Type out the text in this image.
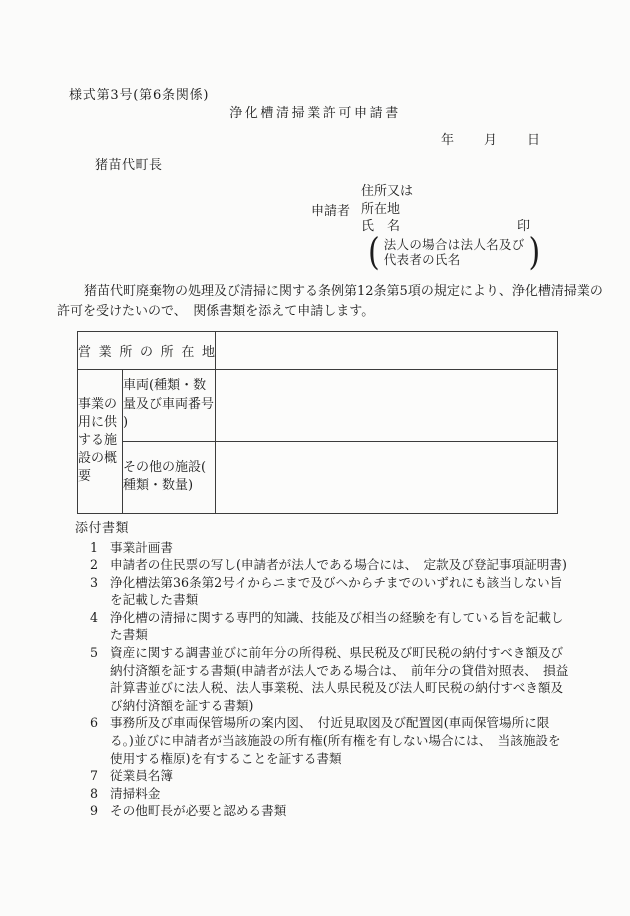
様式第3号(第6条関係)
浄化槽清掃業許可申請書
年 月 日
猪苗代町長
申請者
住所又は
所在地
氏　名	印
( 法人の場合は法人名及び
代表者の氏名	)
猪苗代町廃棄物の処理及び清掃に関する条例第12条第5項の規定により、浄化槽清掃業の
許可を受けたいので、　関係書類を添えて申請します。
営業所の所在地		
事業の用に供する施設の概要	車両(種類・数量及び車両番号)	
	その他の施設(種類・数量)	
添付書類
1 事業計画書
2 申請者の住民票の写し(申請者が法人である場合には、　定款及び登記事項証明書)
3 浄化槽法第36条第2号イからニまで及びヘからチまでのいずれにも該当しない旨を記載した書類
4 浄化槽の清掃に関する専門的知識、技能及び相当の経験を有している旨を記載した書類
5 資産に関する調書並びに前年分の所得税、県民税及び町民税の納付すべき額及び納付済額を証する書類(申請者が法人である場合は、　前年分の貸借対照表、　損益計算書並びに法人税、法人事業税、法人県民税及び法人町民税の納付すべき額及び納付済額を証する書類)
6 事務所及び車両保管場所の案内図、　付近見取図及び配置図(車両保管場所に限る。)並びに申請者が当該施設の所有権(所有権を有しない場合には、　当該施設を使用する権原)を有することを証する書類
7 従業員名簿
8 清掃料金
9 その他町長が必要と認める書類
